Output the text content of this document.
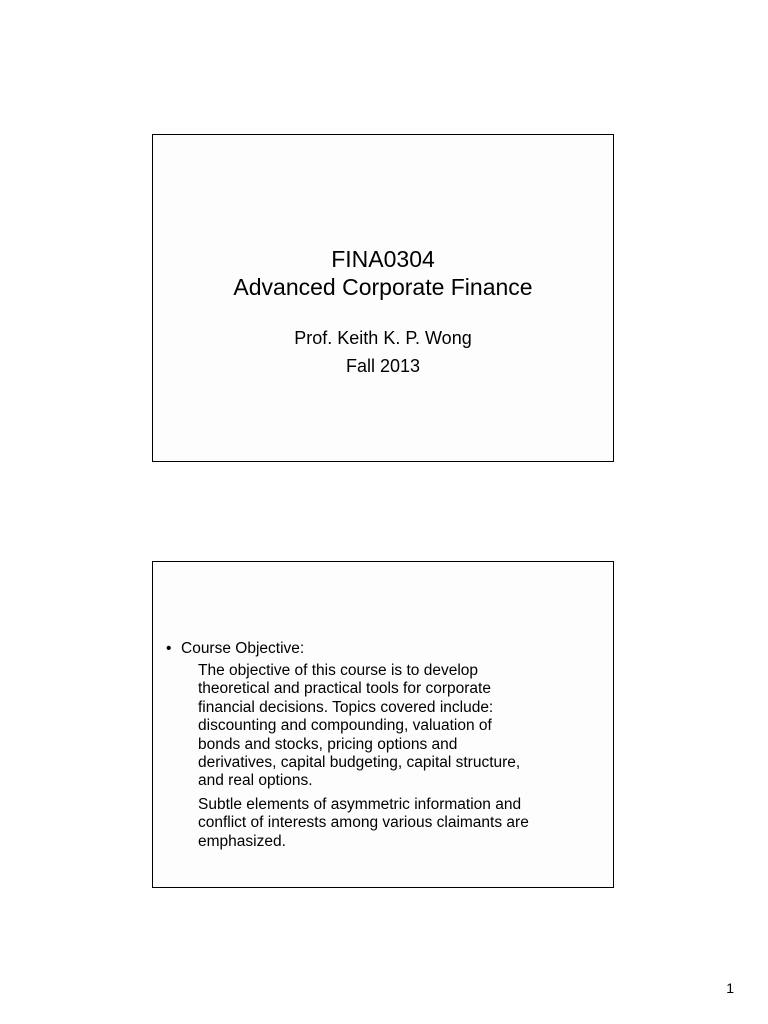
FINA0304
Advanced Corporate Finance
Prof. Keith K. P. Wong
Fall 2013
• Course Objective:
The objective of this course is to develop
theoretical and practical tools for corporate
financial decisions. Topics covered include:
discounting and compounding, valuation of
bonds and stocks, pricing options and
derivatives, capital budgeting, capital structure,
and real options.
Subtle elements of asymmetric information and
conflict of interests among various claimants are
emphasized.
1
